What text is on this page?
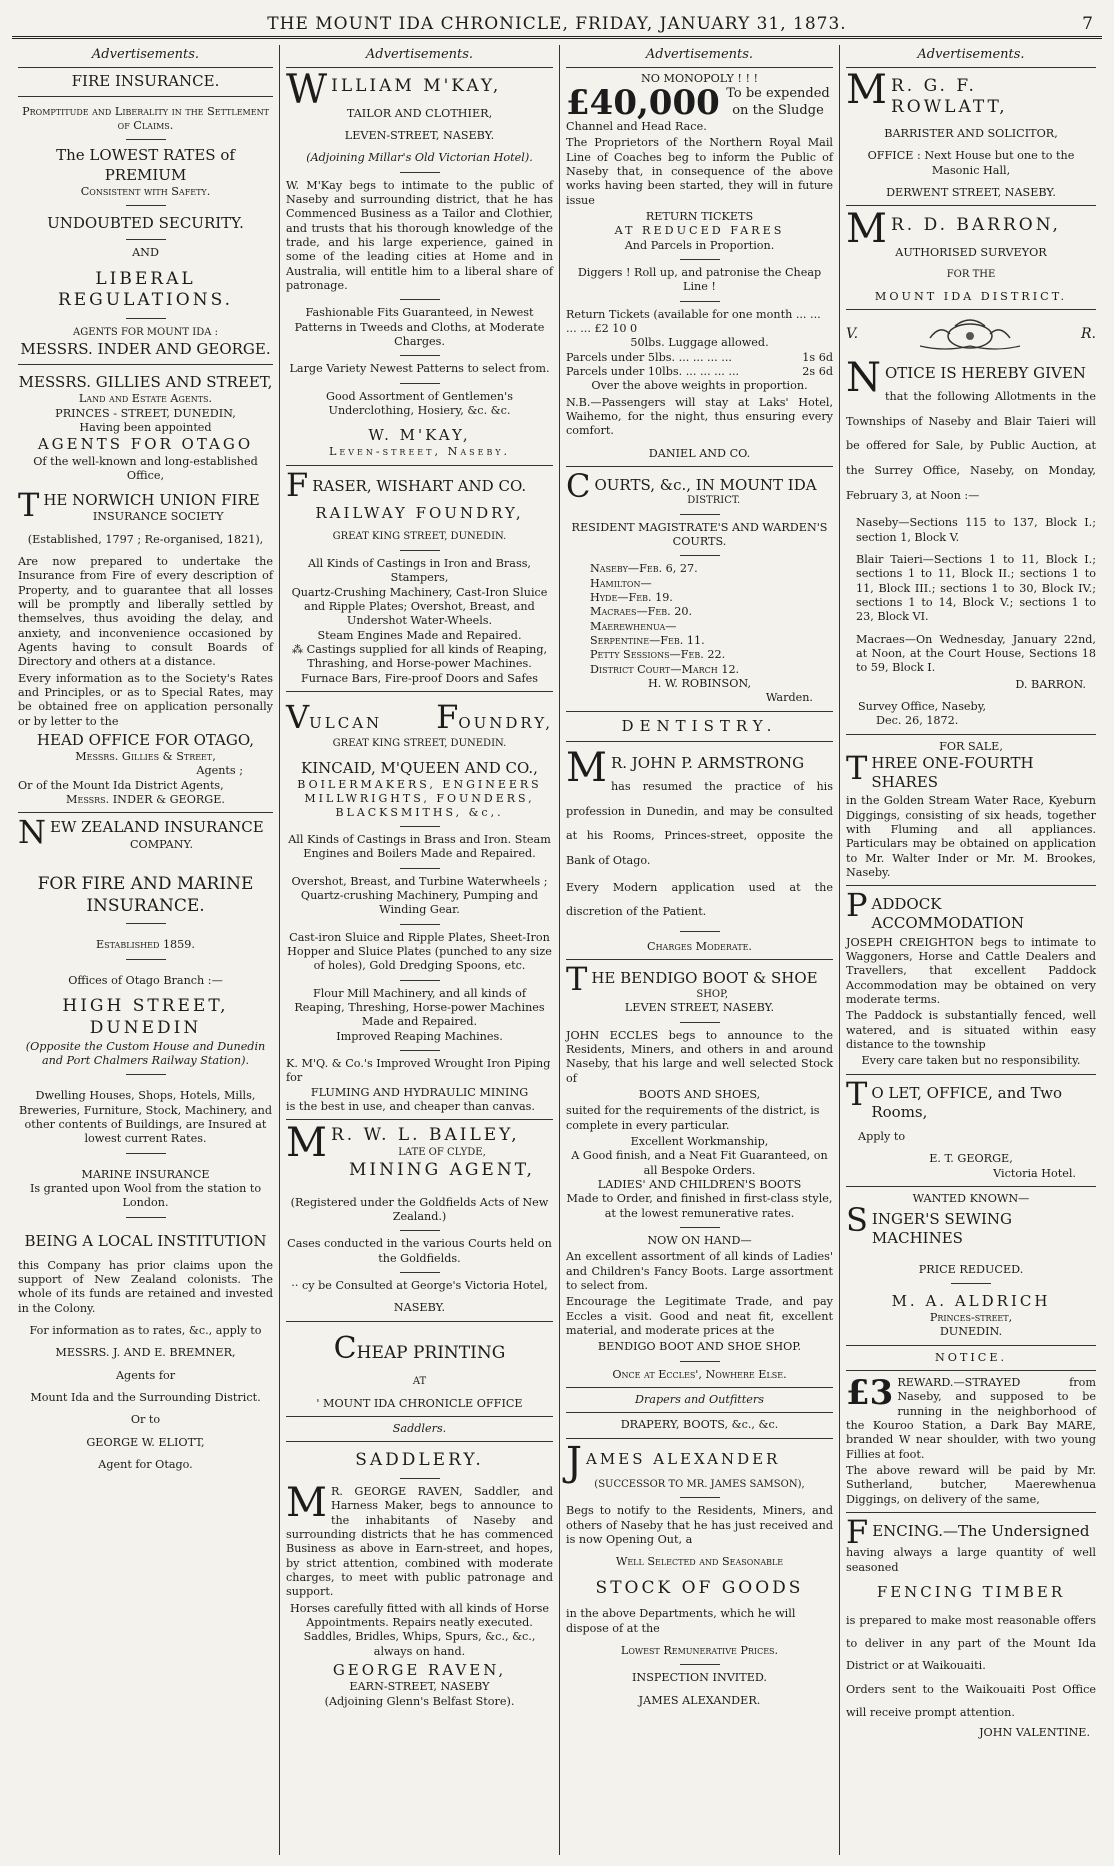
THE MOUNT IDA CHRONICLE, FRIDAY, JANUARY 31, 1873.	7
Advertisements.
FIRE INSURANCE.
Promptitude and Liberality in the Settlement of Claims.
The LOWEST RATES of PREMIUM
Consistent with Safety.
UNDOUBTED SECURITY.
AND
LIBERAL REGULATIONS.
AGENTS FOR MOUNT IDA :
MESSRS. INDER AND GEORGE.
MESSRS. GILLIES AND STREET,
Land and Estate Agents.
PRINCES - STREET, DUNEDIN,
Having been appointed
AGENTS FOR OTAGO
Of the well-known and long-established Office,
T HE NORWICH UNION FIRE
INSURANCE SOCIETY
(Established, 1797 ; Re-organised, 1821),

Are now prepared to undertake the Insurance from Fire of every description of Property, and to guarantee that all losses will be promptly and liberally settled by themselves, thus avoiding the delay, and anxiety, and inconvenience occasioned by Agents having to consult Boards of Directory and others at a distance.

Every information as to the Society's Rates and Principles, or as to Special Rates, may be obtained free on application personally or by letter to the

HEAD OFFICE FOR OTAGO,
Messrs. Gillies & Street,
Agents ;
Or of the Mount Ida District Agents,
Messrs. INDER & GEORGE.
N EW ZEALAND INSURANCE
COMPANY.
FOR FIRE AND MARINE
INSURANCE.
Established 1859.
Offices of Otago Branch :—
HIGH STREET, DUNEDIN
(Opposite the Custom House and Dunedin and Port Chalmers Railway Station).
Dwelling Houses, Shops, Hotels, Mills, Breweries, Furniture, Stock, Machinery, and other contents of Buildings, are Insured at lowest current Rates.
MARINE INSURANCE
Is granted upon Wool from the station to London.
BEING A LOCAL INSTITUTION

this Company has prior claims upon the support of New Zealand colonists. The whole of its funds are retained and invested in the Colony.

For information as to rates, &c., apply to
MESSRS. J. AND E. BREMNER,
Agents for
Mount Ida and the Surrounding District.
Or to
GEORGE W. ELIOTT,
Agent for Otago.
Advertisements.
W ILLIAM M'KAY,
TAILOR AND CLOTHIER,
LEVEN-STREET, NASEBY.
(Adjoining Millar's Old Victorian Hotel).

W. M'Kay begs to intimate to the public of Naseby and surrounding district, that he has Commenced Business as a Tailor and Clothier, and trusts that his thorough knowledge of the trade, and his large experience, gained in some of the leading cities at Home and in Australia, will entitle him to a liberal share of patronage.

Fashionable Fits Guaranteed, in Newest Patterns in Tweeds and Cloths, at Moderate Charges.
Large Variety Newest Patterns to select from.
Good Assortment of Gentlemen's Underclothing, Hosiery, &c. &c.
W. M'KAY,
Leven-street, Naseby.
F RASER, WISHART AND CO.
RAILWAY FOUNDRY,
GREAT KING STREET, DUNEDIN.
All Kinds of Castings in Iron and Brass, Stampers,
Quartz-Crushing Machinery, Cast-Iron Sluice and Ripple Plates; Overshot, Breast, and Undershot Water-Wheels.
Steam Engines Made and Repaired.
⁂ Castings supplied for all kinds of Reaping, Thrashing, and Horse-power Machines.
Furnace Bars, Fire-proof Doors and Safes
VULCAN FOUNDRY,
GREAT KING STREET, DUNEDIN.
KINCAID, M'QUEEN AND CO.,
BOILERMAKERS, ENGINEERS MILLWRIGHTS, FOUNDERS, BLACKSMITHS, &c,.
All Kinds of Castings in Brass and Iron. Steam Engines and Boilers Made and Repaired.
Overshot, Breast, and Turbine Waterwheels ; Quartz-crushing Machinery, Pumping and Winding Gear.
Cast-iron Sluice and Ripple Plates, Sheet-Iron Hopper and Sluice Plates (punched to any size of holes), Gold Dredging Spoons, etc.
Flour Mill Machinery, and all kinds of Reaping, Threshing, Horse-power Machines Made and Repaired.
Improved Reaping Machines.
K. M'Q. & Co.'s Improved Wrought Iron Piping for
FLUMING AND HYDRAULIC MINING
is the best in use, and cheaper than canvas.
M R. W. L. BAILEY,
LATE OF CLYDE,
MINING AGENT,
(Registered under the Goldfields Acts of New Zealand.)
Cases conducted in the various Courts held on the Goldfields.
·· cy be Consulted at George's Victoria Hotel,
NASEBY.
CHEAP PRINTING
AT
' MOUNT IDA CHRONICLE OFFICE
Saddlers.
SADDLERY.

M R. GEORGE RAVEN, Saddler, and Harness Maker, begs to announce to the inhabitants of Naseby and surrounding districts that he has commenced Business as above in Earn-street, and hopes, by strict attention, combined with moderate charges, to meet with public patronage and support.

Horses carefully fitted with all kinds of Horse Appointments. Repairs neatly executed. Saddles, Bridles, Whips, Spurs, &c., &c., always on hand.

GEORGE RAVEN,
EARN-STREET, NASEBY
(Adjoining Glenn's Belfast Store).
Advertisements.
NO MONOPOLY ! ! !
£40,000 To be expended on the Sludge
Channel and Head Race.

The Proprietors of the Northern Royal Mail Line of Coaches beg to inform the Public of Naseby that, in consequence of the above works having been started, they will in future issue

RETURN TICKETS
AT REDUCED FARES
And Parcels in Proportion.
Diggers ! Roll up, and patronise the Cheap Line !
Return Tickets (available for one month ... ... ... ... £2 10 0
50lbs. Luggage allowed.
Parcels under 5lbs. ... ... ... ...	1s 6d
Parcels under 10lbs. ... ... ... ...	2s 6d
Over the above weights in proportion.

N.B.—Passengers will stay at Laks' Hotel, Waihemo, for the night, thus ensuring every comfort.

DANIEL AND CO.
C OURTS, &c., IN MOUNT IDA
DISTRICT.
RESIDENT MAGISTRATE'S AND WARDEN'S COURTS.
Naseby—Feb. 6, 27.
Hamilton—
Hyde—Feb. 19.
Macraes—Feb. 20.
Maerewhenua—
Serpentine—Feb. 11.
Petty Sessions—Feb. 22.
District Court—March 12.
H. W. ROBINSON,
Warden.
DENTISTRY.
M R. JOHN P. ARMSTRONG

has resumed the practice of his profession in Dunedin, and may be consulted at his Rooms, Princes-street, opposite the Bank of Otago.

Every Modern application used at the discretion of the Patient.

Charges Moderate.
T HE BENDIGO BOOT & SHOE
SHOP,
LEVEN STREET, NASEBY.

JOHN ECCLES begs to announce to the Residents, Miners, and others in and around Naseby, that his large and well selected Stock of

BOOTS AND SHOES,

suited for the requirements of the district, is complete in every particular.

Excellent Workmanship,
A Good finish, and a Neat Fit Guaranteed, on all Bespoke Orders.
LADIES' AND CHILDREN'S BOOTS
Made to Order, and finished in first-class style, at the lowest remunerative rates.
NOW ON HAND—

An excellent assortment of all kinds of Ladies' and Children's Fancy Boots. Large assortment to select from.

Encourage the Legitimate Trade, and pay Eccles a visit. Good and neat fit, excellent material, and moderate prices at the

BENDIGO BOOT AND SHOE SHOP.
Once at Eccles', Nowhere Else.
Drapers and Outfitters
DRAPERY, BOOTS, &c., &c.
J AMES ALEXANDER
(SUCCESSOR TO MR. JAMES SAMSON),

Begs to notify to the Residents, Miners, and others of Naseby that he has just received and is now Opening Out, a

Well Selected and Seasonable
STOCK OF GOODS

in the above Departments, which he will dispose of at the

Lowest Remunerative Prices.
INSPECTION INVITED.
JAMES ALEXANDER.
Advertisements.
M R. G. F. ROWLATT,
BARRISTER AND SOLICITOR,
OFFICE : Next House but one to the Masonic Hall,
DERWENT STREET, NASEBY.
M R. D. BARRON,
AUTHORISED SURVEYOR
FOR THE
MOUNT IDA DISTRICT.
V.	R.
N OTICE IS HEREBY GIVEN

that the following Allotments in the Townships of Naseby and Blair Taieri will be offered for Sale, by Public Auction, at the Surrey Office, Naseby, on Monday, February 3, at Noon :—

Naseby—Sections 115 to 137, Block I.; section 1, Block V.

Blair Taieri—Sections 1 to 11, Block I.; sections 1 to 11, Block II.; sections 1 to 11, Block III.; sections 1 to 30, Block IV.; sections 1 to 14, Block V.; sections 1 to 23, Block VI.

Macraes—On Wednesday, January 22nd, at Noon, at the Court House, Sections 18 to 59, Block I.

D. BARRON.
Survey Office, Naseby,
Dec. 26, 1872.
FOR SALE,
T HREE ONE-FOURTH SHARES

in the Golden Stream Water Race, Kyeburn Diggings, consisting of six heads, together with Fluming and all appliances. Particulars may be obtained on application to Mr. Walter Inder or Mr. M. Brookes, Naseby.

P ADDOCK ACCOMMODATION

JOSEPH CREIGHTON begs to intimate to Waggoners, Horse and Cattle Dealers and Travellers, that excellent Paddock Accommodation may be obtained on very moderate terms.

The Paddock is substantially fenced, well watered, and is situated within easy distance to the township

Every care taken but no responsibility.
T O LET, OFFICE, and Two Rooms,
Apply to
E. T. GEORGE,
Victoria Hotel.
WANTED KNOWN—
S INGER'S SEWING MACHINES
PRICE REDUCED.
M. A. ALDRICH
Princes-street,
DUNEDIN.
NOTICE.

£3 REWARD.—STRAYED from Naseby, and supposed to be running in the neighborhood of the Kouroo Station, a Dark Bay MARE, branded W near shoulder, with two young Fillies at foot.

The above reward will be paid by Mr. Sutherland, butcher, Maerewhenua Diggings, on delivery of the same,

F ENCING.—The Undersigned

having always a large quantity of well seasoned

FENCING TIMBER

is prepared to make most reasonable offers to deliver in any part of the Mount Ida District or at Waikouaiti.

Orders sent to the Waikouaiti Post Office will receive prompt attention.

JOHN VALENTINE.
